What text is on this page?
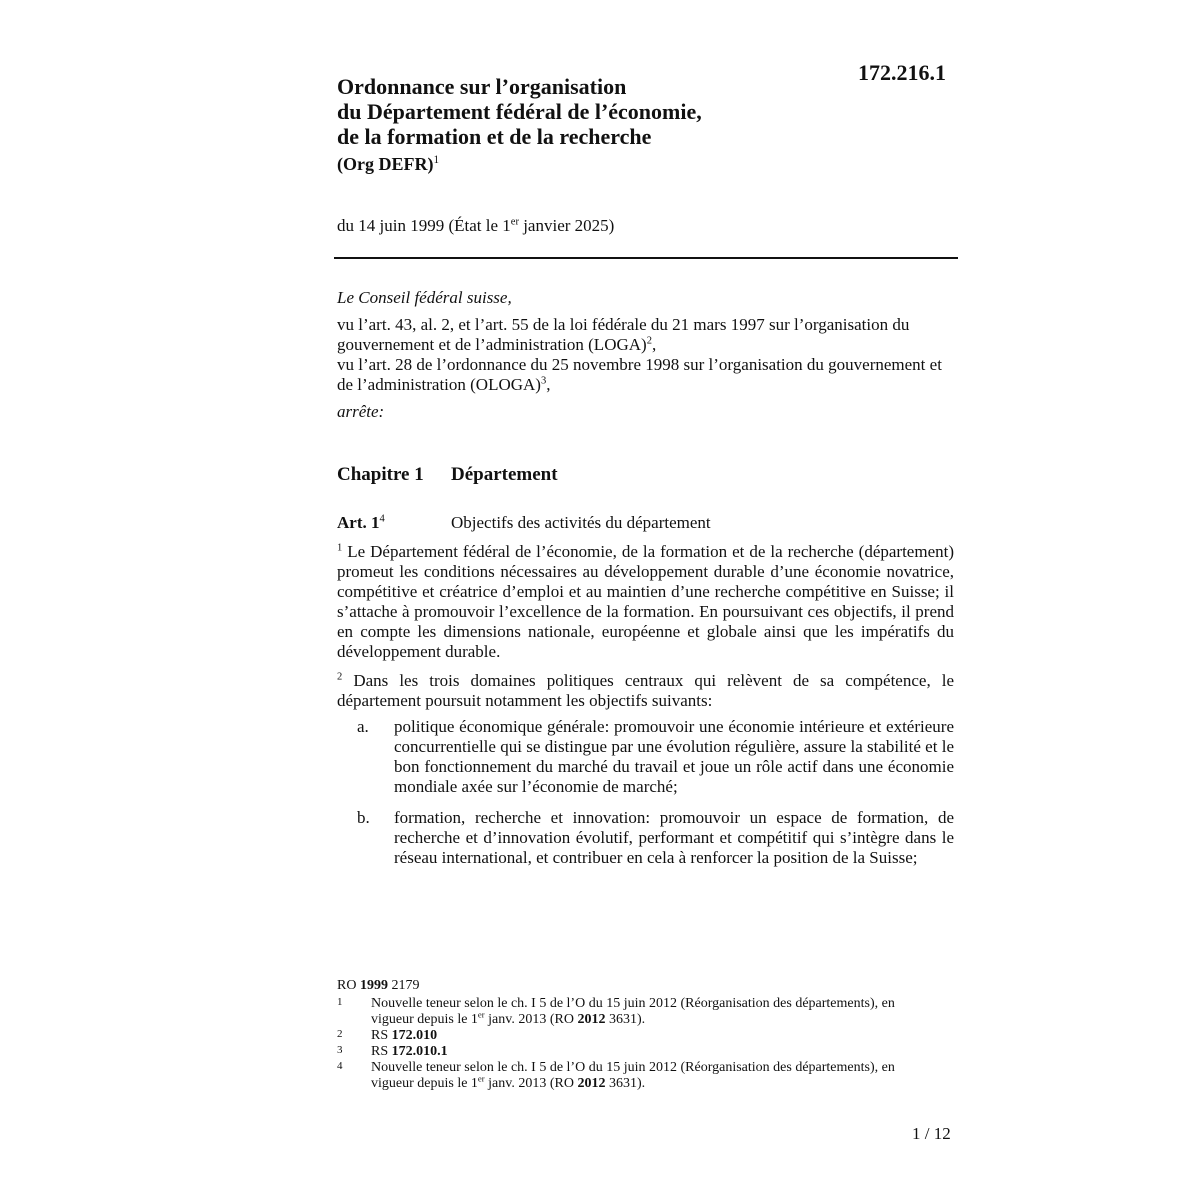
172.216.1
Ordonnance sur l’organisation
du Département fédéral de l’économie,
de la formation et de la recherche
(Org DEFR)$^1$
du 14 juin 1999 (État le 1er janvier 2025)
Le Conseil fédéral suisse,
vu l’art. 43, al. 2, et l’art. 55 de la loi fédérale du 21 mars 1997 sur l’organisation du gouvernement et de l’administration (LOGA)$^2$,
vu l’art. 28 de l’ordonnance du 25 novembre 1998 sur l’organisation du gouvernement et de l’administration (OLOGA)$^3$,
arrête:
Chapitre 1 Département
Art. $1^4$	Objectifs des activités du département
$^1$ Le Département fédéral de l’économie, de la formation et de la recherche (département) promeut les conditions nécessaires au développement durable d’une économie novatrice, compétitive et créatrice d’emploi et au maintien d’une recherche compétitive en Suisse; il s’attache à promouvoir l’excellence de la formation. En poursuivant ces objectifs, il prend en compte les dimensions nationale, européenne et globale ainsi que les impératifs du développement durable.
$^2$ Dans les trois domaines politiques centraux qui relèvent de sa compétence, le département poursuit notamment les objectifs suivants:
a. politique économique générale: promouvoir une économie intérieure et extérieure concurrentielle qui se distingue par une évolution régulière, assure la stabilité et le bon fonctionnement du marché du travail et joue un rôle actif dans une économie mondiale axée sur l’économie de marché;
b. formation, recherche et innovation: promouvoir un espace de formation, de recherche et d’innovation évolutif, performant et compétitif qui s’intègre dans le réseau international, et contribuer en cela à renforcer la position de la Suisse;
RO 1999 2179
1 Nouvelle teneur selon le ch. I 5 de l’O du 15 juin 2012 (Réorganisation des départements), en vigueur depuis le 1er janv. 2013 (RO 2012 3631).
2 RS 172.010
3 RS 172.010.1
4 Nouvelle teneur selon le ch. I 5 de l’O du 15 juin 2012 (Réorganisation des départements), en vigueur depuis le 1er janv. 2013 (RO 2012 3631).
1 / 12
